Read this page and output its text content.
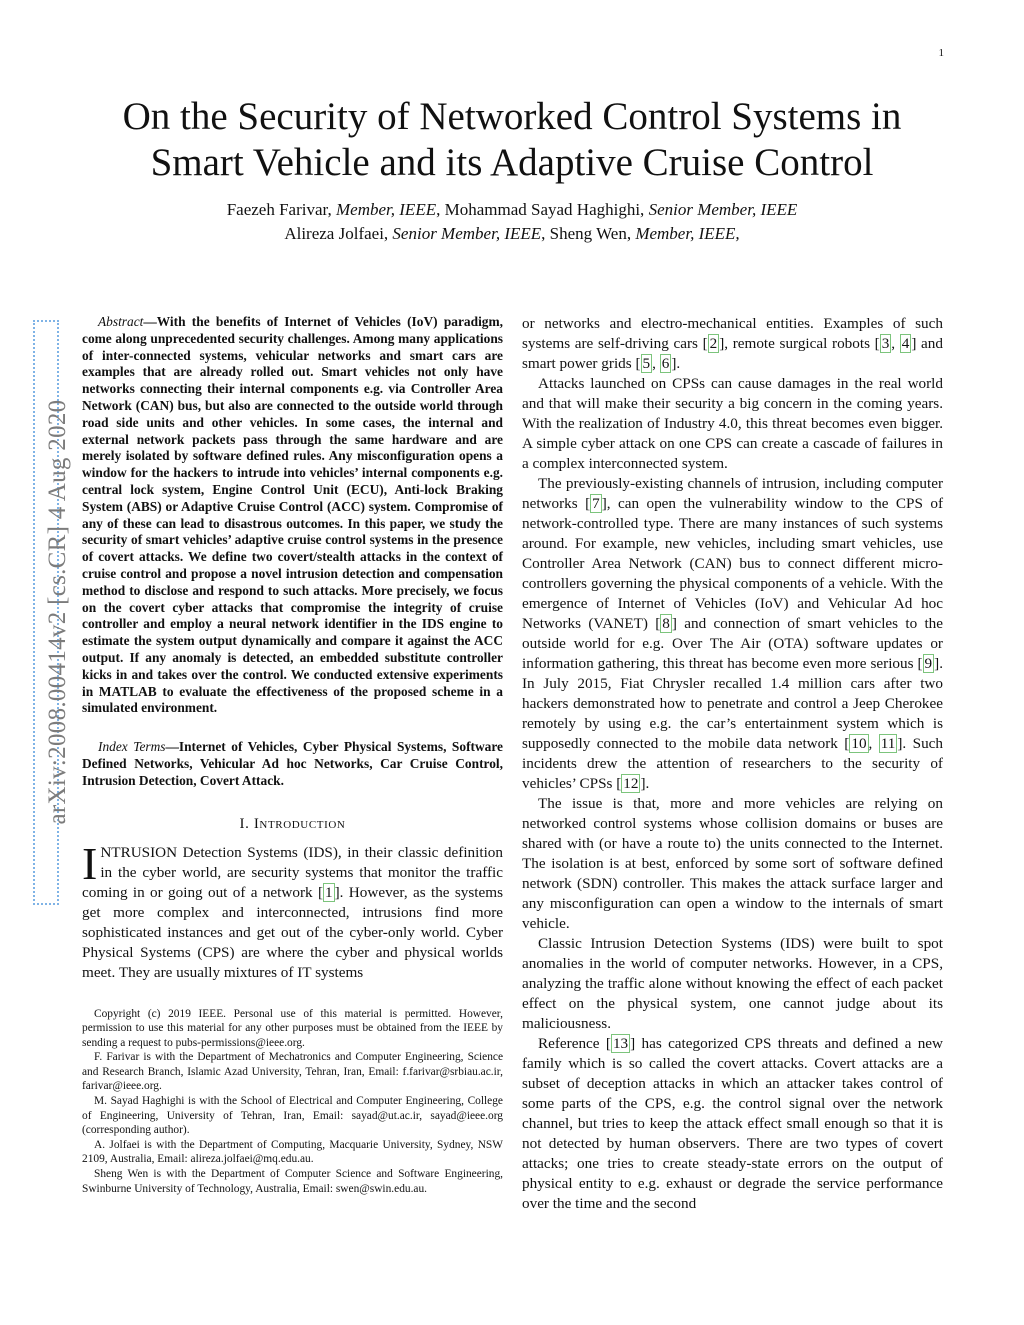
1
arXiv:2008.00414v2 [cs.CR] 4 Aug 2020
On the Security of Networked Control Systems in
Smart Vehicle and its Adaptive Cruise Control
Faezeh Farivar, Member, IEEE, Mohammad Sayad Haghighi, Senior Member, IEEE
Alireza Jolfaei, Senior Member, IEEE, Sheng Wen, Member, IEEE,

Abstract—With the benefits of Internet of Vehicles (IoV) paradigm, come along unprecedented security challenges. Among many applications of inter-connected systems, vehicular networks and smart cars are examples that are already rolled out. Smart vehicles not only have networks connecting their internal components e.g. via Controller Area Network (CAN) bus, but also are connected to the outside world through road side units and other vehicles. In some cases, the internal and external network packets pass through the same hardware and are merely isolated by software defined rules. Any misconfiguration opens a window for the hackers to intrude into vehicles’ internal components e.g. central lock system, Engine Control Unit (ECU), Anti-lock Braking System (ABS) or Adaptive Cruise Control (ACC) system. Compromise of any of these can lead to disastrous outcomes. In this paper, we study the security of smart vehicles’ adaptive cruise control systems in the presence of covert attacks. We define two covert/stealth attacks in the context of cruise control and propose a novel intrusion detection and compensation method to disclose and respond to such attacks. More precisely, we focus on the covert cyber attacks that compromise the integrity of cruise controller and employ a neural network identifier in the IDS engine to estimate the system output dynamically and compare it against the ACC output. If any anomaly is detected, an embedded substitute controller kicks in and takes over the control. We conducted extensive experiments in MATLAB to evaluate the effectiveness of the proposed scheme in a simulated environment.

Index Terms—Internet of Vehicles, Cyber Physical Systems, Software Defined Networks, Vehicular Ad hoc Networks, Car Cruise Control, Intrusion Detection, Covert Attack.

I. Introduction

INTRUSION Detection Systems (IDS), in their classic definition in the cyber world, are security systems that monitor the traffic coming in or going out of a network [ 1 ]. However, as the systems get more complex and interconnected, intrusions find more sophisticated instances and get out of the cyber-only world. Cyber Physical Systems (CPS) are where the cyber and physical worlds meet. They are usually mixtures of IT systems

Copyright (c) 2019 IEEE. Personal use of this material is permitted. However, permission to use this material for any other purposes must be obtained from the IEEE by sending a request to pubs-permissions@ieee.org.

F. Farivar is with the Department of Mechatronics and Computer Engineering, Science and Research Branch, Islamic Azad University, Tehran, Iran, Email: f.farivar@srbiau.ac.ir, farivar@ieee.org.

M. Sayad Haghighi is with the School of Electrical and Computer Engineering, College of Engineering, University of Tehran, Iran, Email: sayad@ut.ac.ir, sayad@ieee.org (corresponding author).

A. Jolfaei is with the Department of Computing, Macquarie University, Sydney, NSW 2109, Australia, Email: alireza.jolfaei@mq.edu.au.

Sheng Wen is with the Department of Computer Science and Software Engineering, Swinburne University of Technology, Australia, Email: swen@swin.edu.au.

or networks and electro-mechanical entities. Examples of such systems are self-driving cars [ 2 ], remote surgical robots [ 3 , 4 ] and smart power grids [ 5 , 6 ].

Attacks launched on CPSs can cause damages in the real world and that will make their security a big concern in the coming years. With the realization of Industry 4.0, this threat becomes even bigger. A simple cyber attack on one CPS can create a cascade of failures in a complex interconnected system.

The previously-existing channels of intrusion, including computer networks [ 7 ], can open the vulnerability window to the CPS of network-controlled type. There are many instances of such systems around. For example, new vehicles, including smart vehicles, use Controller Area Network (CAN) bus to connect different micro-controllers governing the physical components of a vehicle. With the emergence of Internet of Vehicles (IoV) and Vehicular Ad hoc Networks (VANET) [ 8 ] and connection of smart vehicles to the outside world for e.g. Over The Air (OTA) software updates or information gathering, this threat has become even more serious [ 9 ]. In July 2015, Fiat Chrysler recalled 1.4 million cars after two hackers demonstrated how to penetrate and control a Jeep Cherokee remotely by using e.g. the car’s entertainment system which is supposedly connected to the mobile data network [ 10 , 11 ]. Such incidents drew the attention of researchers to the security of vehicles’ CPSs [ 12 ].

The issue is that, more and more vehicles are relying on networked control systems whose collision domains or buses are shared with (or have a route to) the units connected to the Internet. The isolation is at best, enforced by some sort of software defined network (SDN) controller. This makes the attack surface larger and any misconfiguration can open a window to the internals of smart vehicle.

Classic Intrusion Detection Systems (IDS) were built to spot anomalies in the world of computer networks. However, in a CPS, analyzing the traffic alone without knowing the effect of each packet effect on the physical system, one cannot judge about its maliciousness.

Reference [ 13 ] has categorized CPS threats and defined a new family which is so called the covert attacks. Covert attacks are a subset of deception attacks in which an attacker takes control of some parts of the CPS, e.g. the control signal over the network channel, but tries to keep the attack effect small enough so that it is not detected by human observers. There are two types of covert attacks; one tries to create steady-state errors on the output of physical entity to e.g. exhaust or degrade the service performance over the time and the second
